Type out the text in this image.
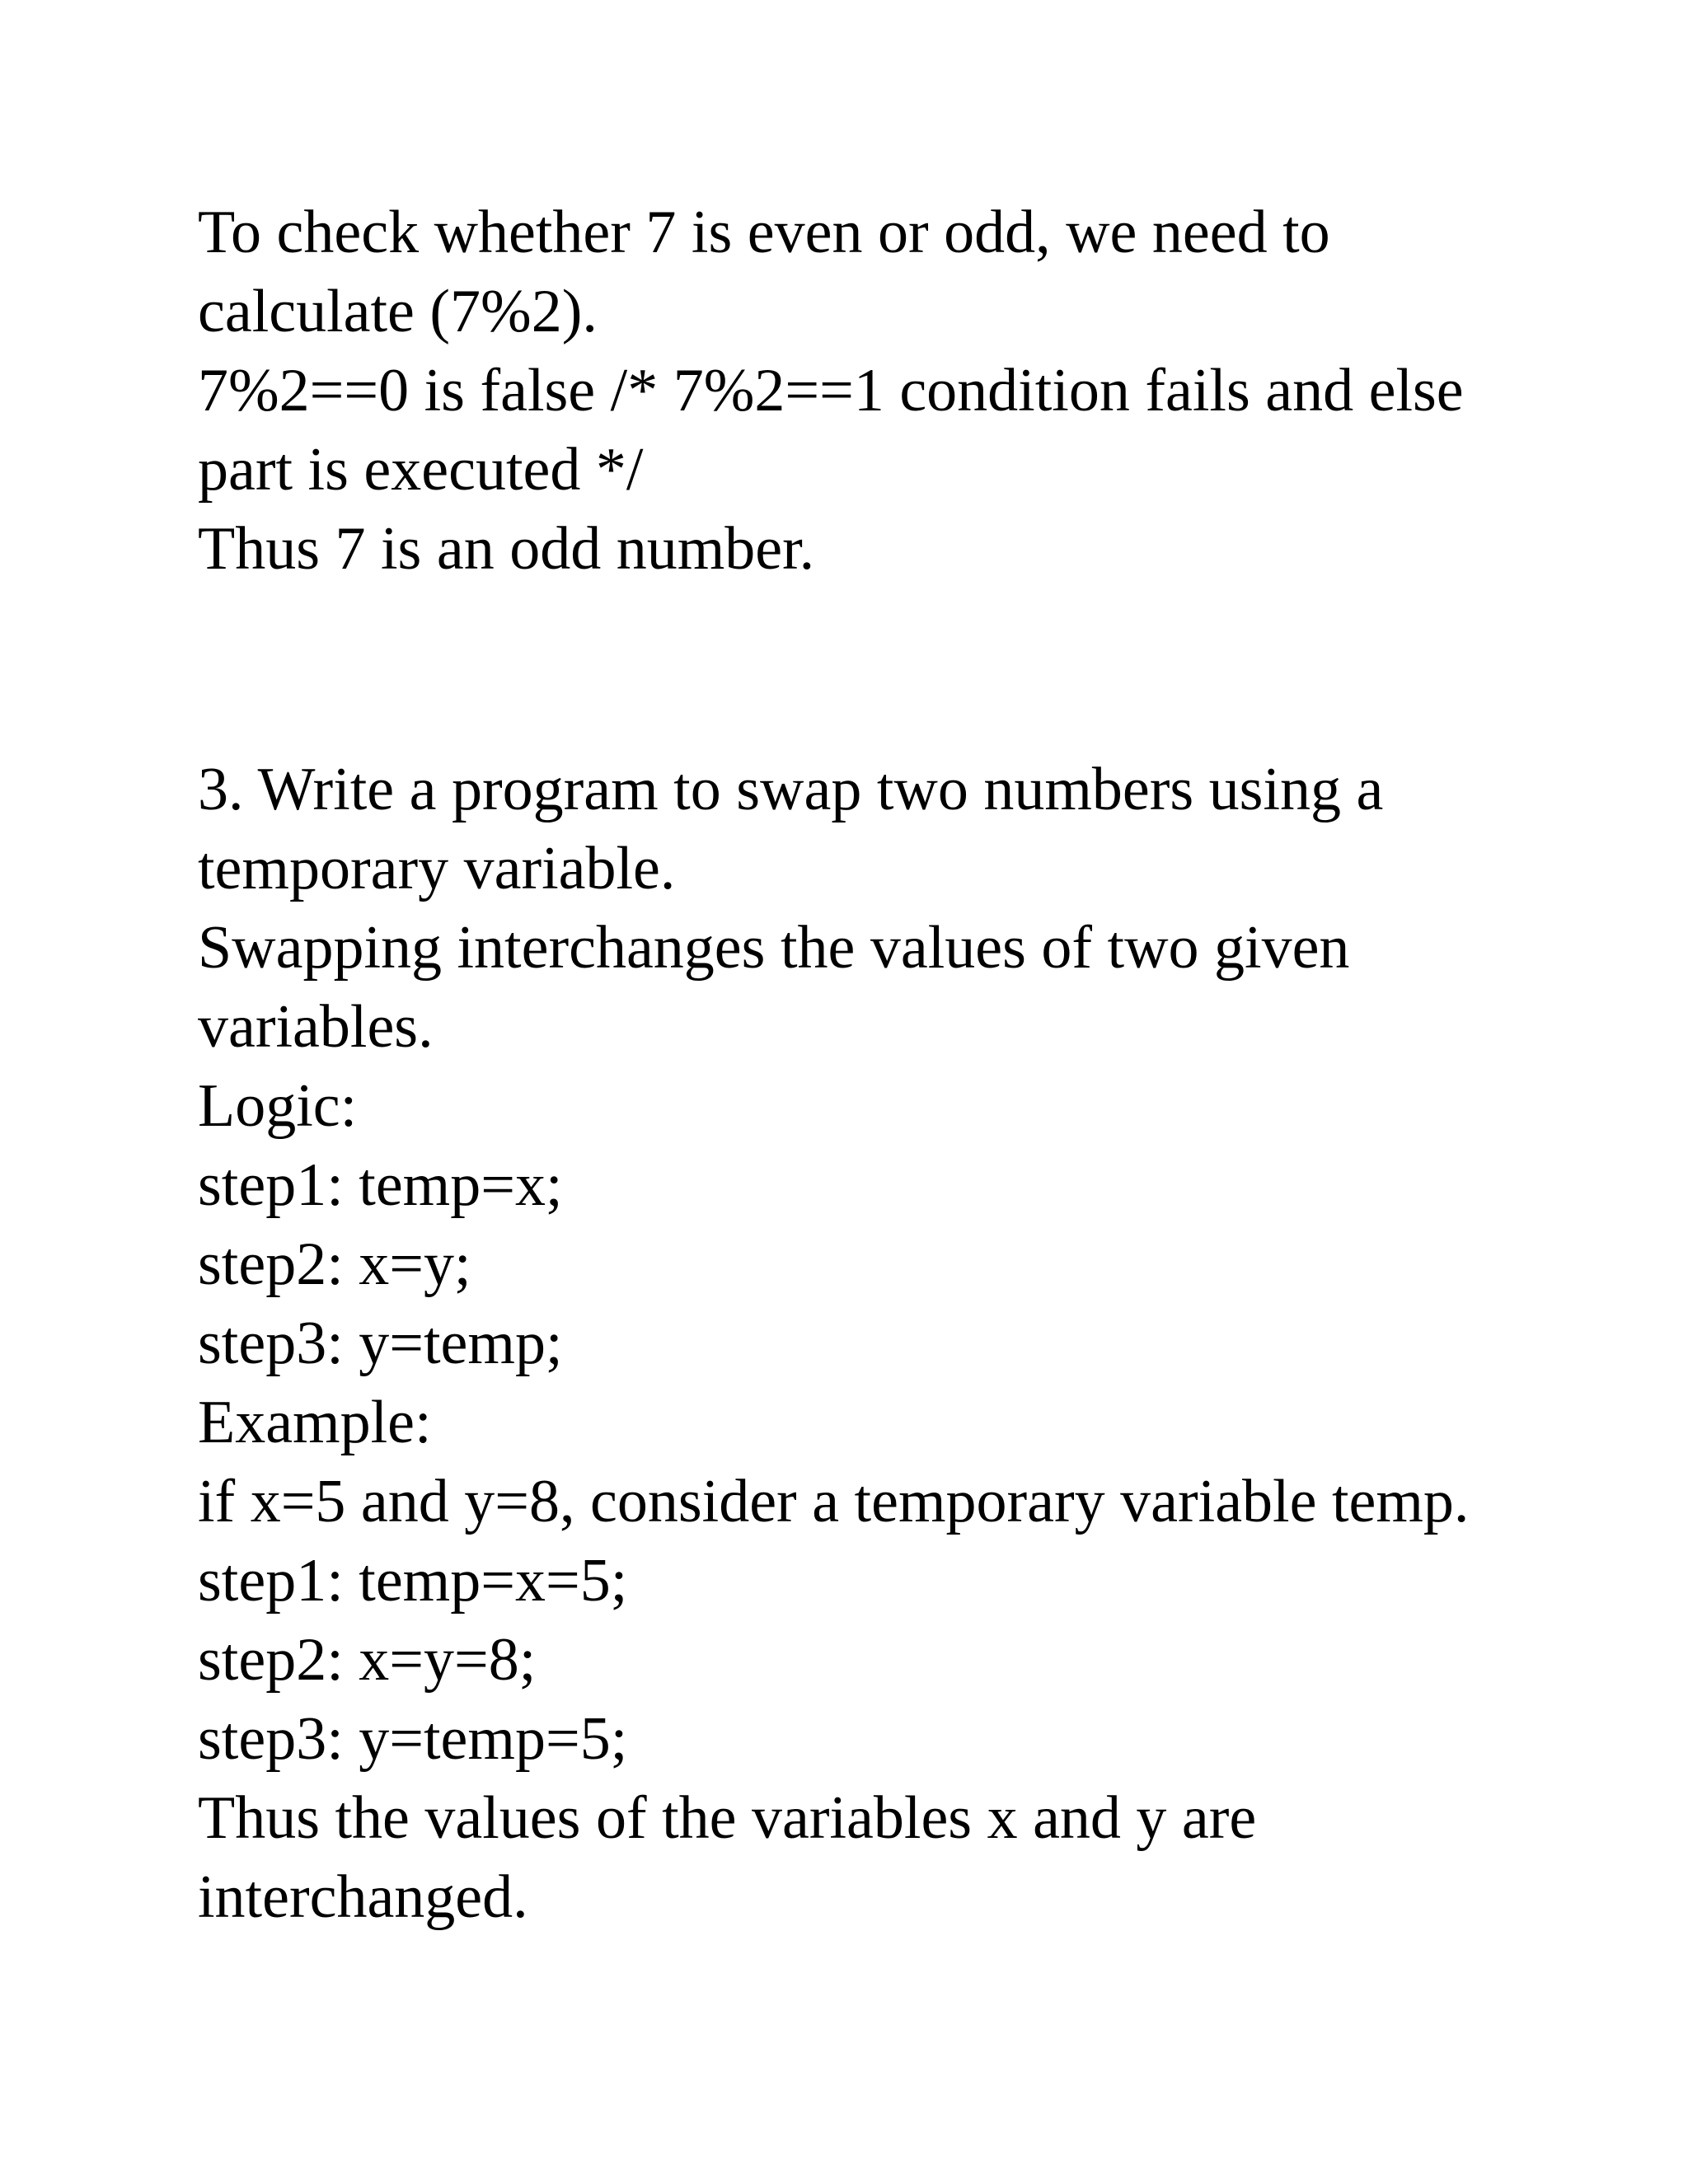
To check whether 7 is even or odd, we need to
calculate (7%2).
7%2==0 is false /* 7%2==1 condition fails and else
part is executed */
Thus 7 is an odd number.
3. Write a program to swap two numbers using a
temporary variable.
Swapping interchanges the values of two given
variables.
Logic:
step1: temp=x;
step2: x=y;
step3: y=temp;
Example:
if x=5 and y=8, consider a temporary variable temp.
step1: temp=x=5;
step2: x=y=8;
step3: y=temp=5;
Thus the values of the variables x and y are
interchanged.
